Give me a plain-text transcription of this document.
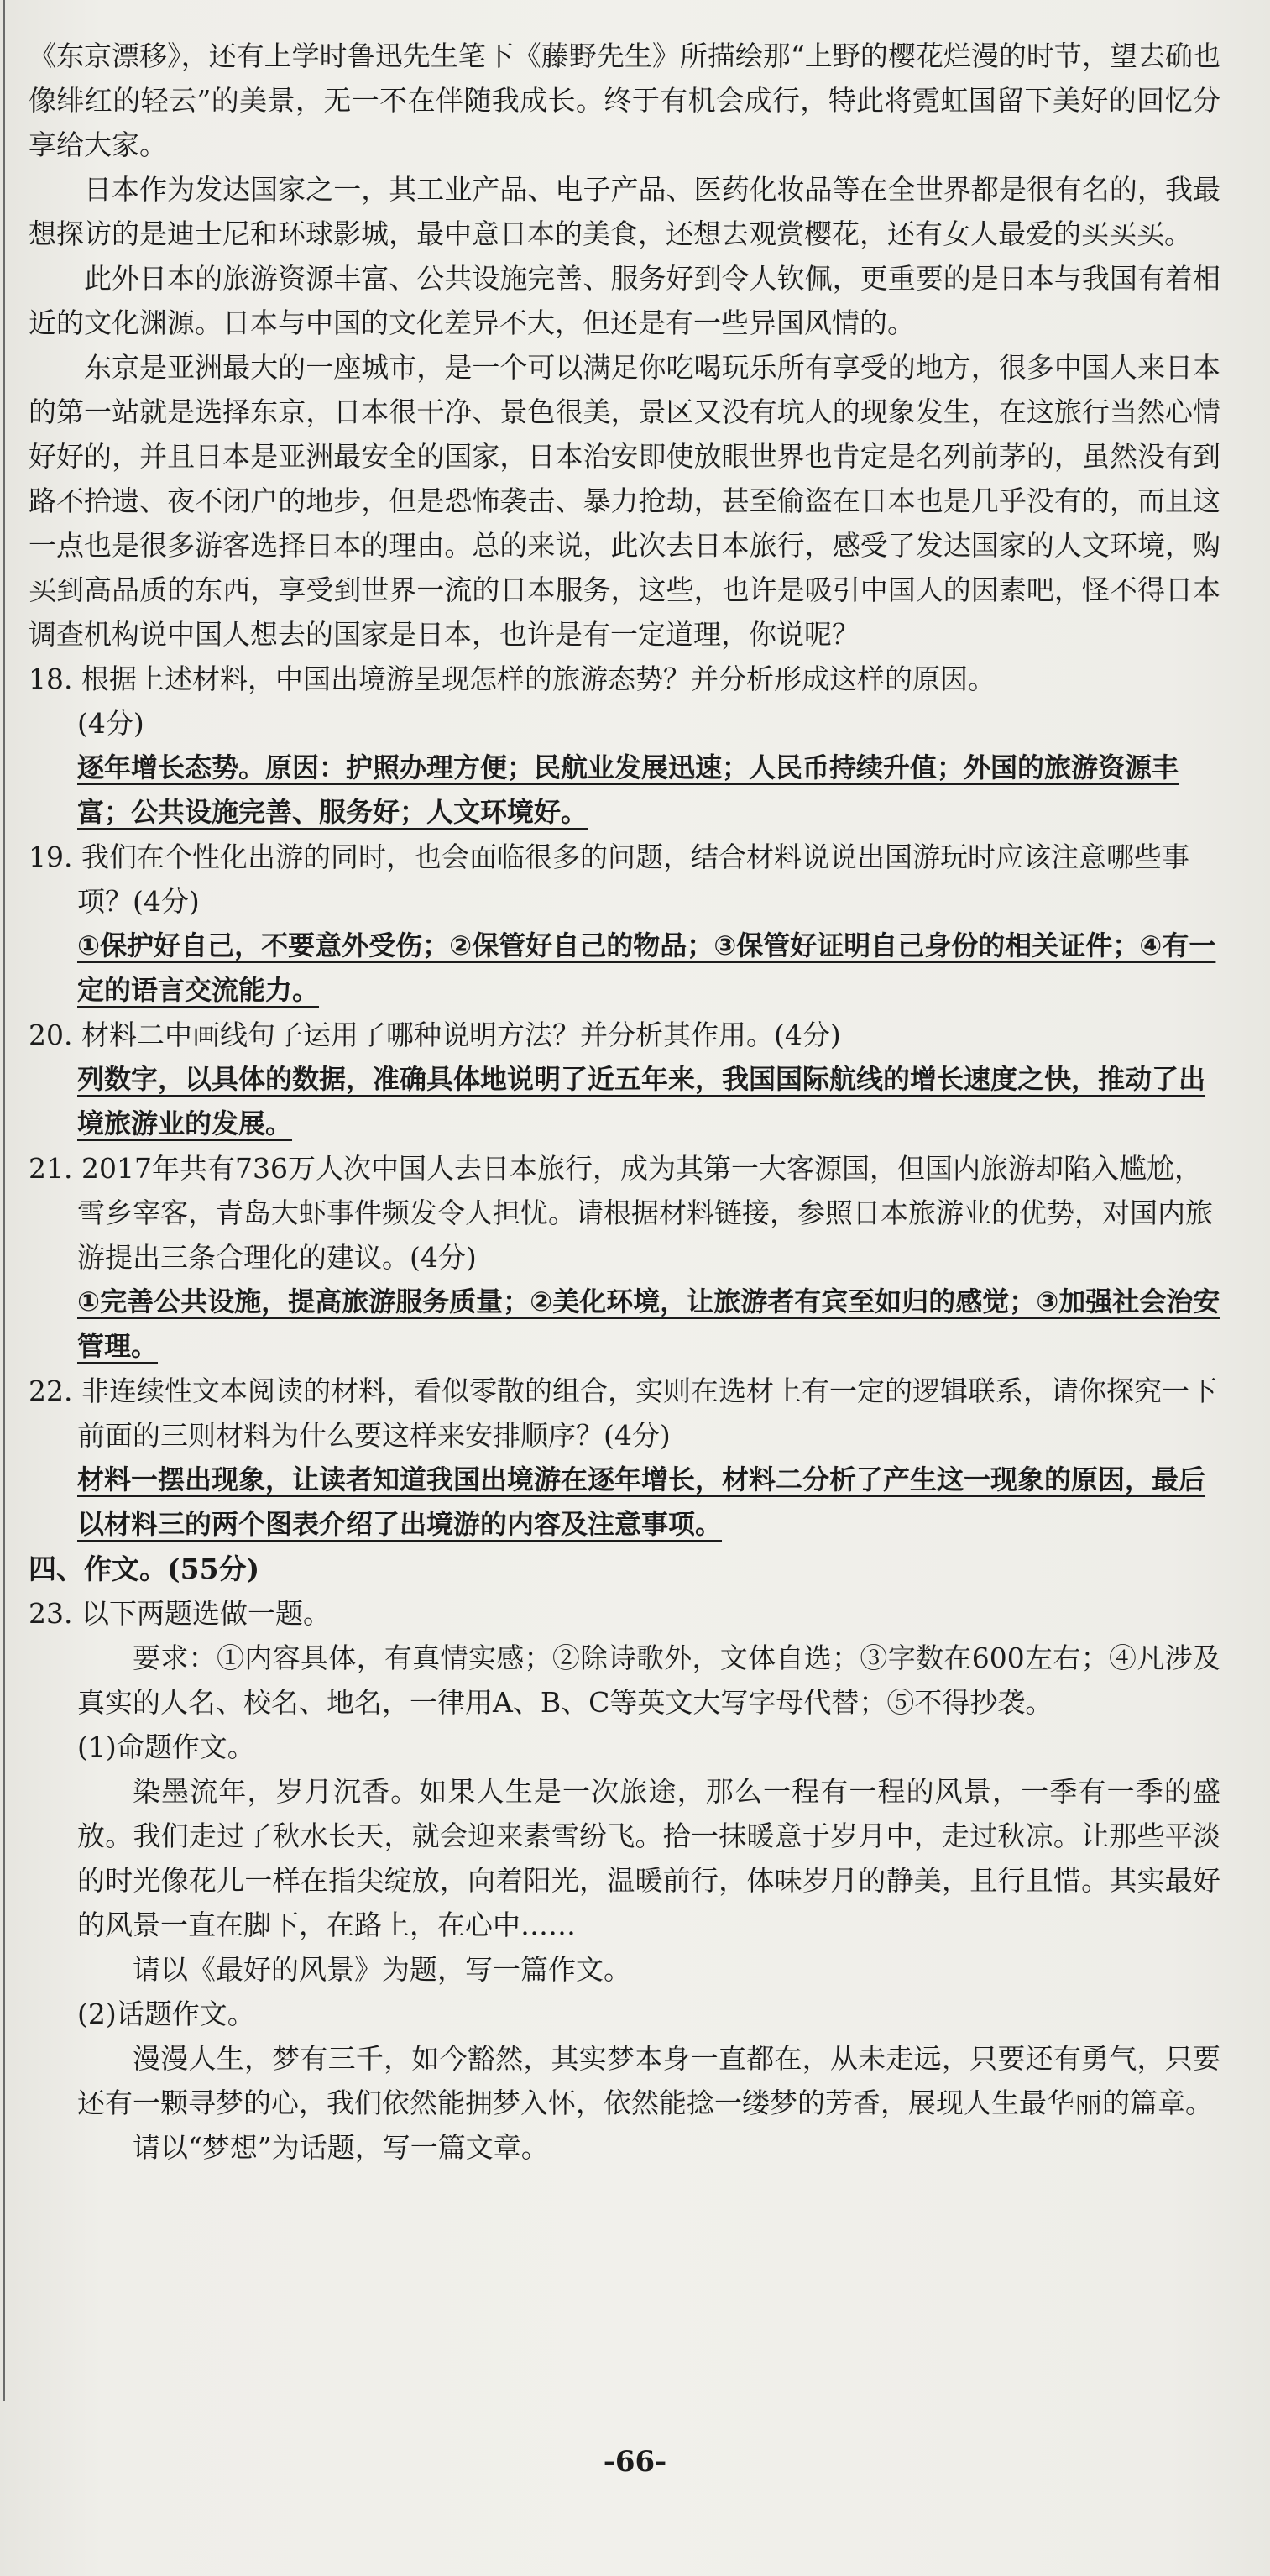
《东京漂移》，还有上学时鲁迅先生笔下《藤野先生》所描绘那“上野的樱花烂漫的时节，望去确也像绯红的轻云”的美景，无一不在伴随我成长。终于有机会成行，特此将霓虹国留下美好的回忆分享给大家。

日本作为发达国家之一，其工业产品、电子产品、医药化妆品等在全世界都是很有名的，我最想探访的是迪士尼和环球影城，最中意日本的美食，还想去观赏樱花，还有女人最爱的买买买。

此外日本的旅游资源丰富、公共设施完善、服务好到令人钦佩，更重要的是日本与我国有着相近的文化渊源。日本与中国的文化差异不大，但还是有一些异国风情的。

东京是亚洲最大的一座城市，是一个可以满足你吃喝玩乐所有享受的地方，很多中国人来日本的第一站就是选择东京，日本很干净、景色很美，景区又没有坑人的现象发生，在这旅行当然心情好好的，并且日本是亚洲最安全的国家，日本治安即使放眼世界也肯定是名列前茅的，虽然没有到路不拾遗、夜不闭户的地步，但是恐怖袭击、暴力抢劫，甚至偷盗在日本也是几乎没有的，而且这一点也是很多游客选择日本的理由。总的来说，此次去日本旅行，感受了发达国家的人文环境，购买到高品质的东西，享受到世界一流的日本服务，这些，也许是吸引中国人的因素吧，怪不得日本调查机构说中国人想去的国家是日本，也许是有一定道理，你说呢？

18. 根据上述材料，中国出境游呈现怎样的旅游态势？并分析形成这样的原因。
(4分)

逐年增长态势。原因：护照办理方便；民航业发展迅速；人民币持续升值；外国的旅游资源丰富；公共设施完善、服务好；人文环境好。

19. 我们在个性化出游的同时，也会面临很多的问题，结合材料说说出国游玩时应该注意哪些事项？(4分)

①保护好自己，不要意外受伤；②保管好自己的物品；③保管好证明自己身份的相关证件；④有一定的语言交流能力。

20. 材料二中画线句子运用了哪种说明方法？并分析其作用。(4分)

列数字，以具体的数据，准确具体地说明了近五年来，我国国际航线的增长速度之快，推动了出境旅游业的发展。

21. 2017年共有736万人次中国人去日本旅行，成为其第一大客源国，但国内旅游却陷入尴尬，雪乡宰客，青岛大虾事件频发令人担忧。请根据材料链接，参照日本旅游业的优势，对国内旅游提出三条合理化的建议。(4分)

①完善公共设施，提高旅游服务质量；②美化环境，让旅游者有宾至如归的感觉；③加强社会治安管理。

22. 非连续性文本阅读的材料，看似零散的组合，实则在选材上有一定的逻辑联系，请你探究一下前面的三则材料为什么要这样来安排顺序？(4分)

材料一摆出现象，让读者知道我国出境游在逐年增长，材料二分析了产生这一现象的原因，最后以材料三的两个图表介绍了出境游的内容及注意事项。

四、作文。(55分)

23. 以下两题选做一题。

要求：①内容具体，有真情实感；②除诗歌外，文体自选；③字数在600左右；④凡涉及真实的人名、校名、地名，一律用A、B、C等英文大写字母代替；⑤不得抄袭。

(1)命题作文。

染墨流年，岁月沉香。如果人生是一次旅途，那么一程有一程的风景，一季有一季的盛放。我们走过了秋水长天，就会迎来素雪纷飞。拾一抹暖意于岁月中，走过秋凉。让那些平淡的时光像花儿一样在指尖绽放，向着阳光，温暖前行，体味岁月的静美，且行且惜。其实最好的风景一直在脚下，在路上，在心中……

请以《最好的风景》为题，写一篇作文。

(2)话题作文。

漫漫人生，梦有三千，如今豁然，其实梦本身一直都在，从未走远，只要还有勇气，只要还有一颗寻梦的心，我们依然能拥梦入怀，依然能捻一缕梦的芳香，展现人生最华丽的篇章。

请以“梦想”为话题，写一篇文章。

-66-
